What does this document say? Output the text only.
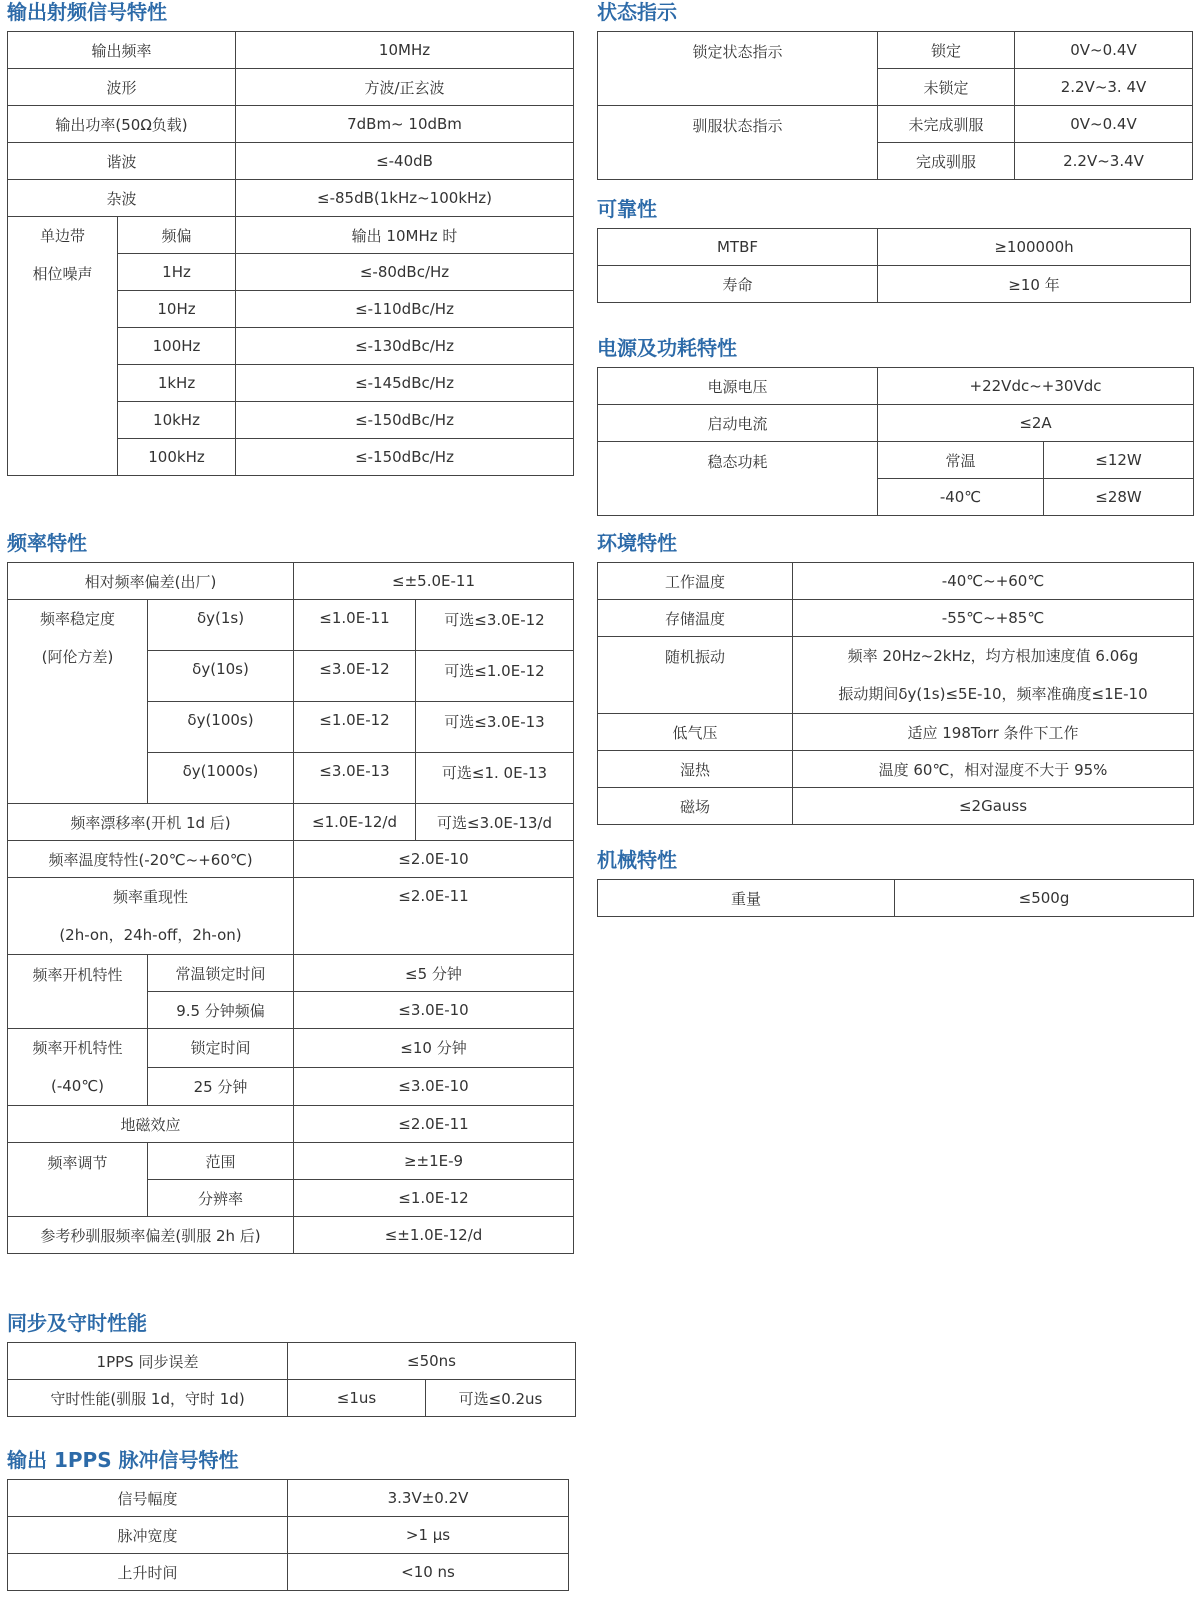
输出射频信号特性
输出频率		10MHz
波形		方波/正玄波
输出功率(50Ω负载)		7dBm~ 10dBm
谐波		≤-40dB
杂波		≤-85dB(1kHz~100kHz)
单边带
相位噪声	频偏	输出 10MHz 时
	1Hz	≤-80dBc/Hz
	10Hz	≤-110dBc/Hz
	100Hz	≤-130dBc/Hz
	1kHz	≤-145dBc/Hz
	10kHz	≤-150dBc/Hz
	100kHz	≤-150dBc/Hz
频率特性
相对频率偏差(出厂)		≤±5.0E-11	
频率稳定度
(阿伦方差)	δy(1s)	≤1.0E-11	可选≤3.0E-12
	δy(10s)	≤3.0E-12	可选≤1.0E-12
	δy(100s)	≤1.0E-12	可选≤3.0E-13
	δy(1000s)	≤3.0E-13	可选≤1. 0E-13
频率漂移率(开机 1d 后)		≤1.0E-12/d	可选≤3.0E-13/d
频率温度特性(-20℃~+60℃)		≤2.0E-10	
频率重现性
(2h-on，24h-off，2h-on)		≤2.0E-11	
频率开机特性	常温锁定时间	≤5 分钟	
	9.5 分钟频偏	≤3.0E-10	
频率开机特性
(-40℃)	锁定时间	≤10 分钟	
	25 分钟	≤3.0E-10	
地磁效应		≤2.0E-11	
频率调节	范围	≥±1E-9	
	分辨率	≤1.0E-12	
参考秒驯服频率偏差(驯服 2h 后)		≤±1.0E-12/d	
同步及守时性能
1PPS 同步误差	≤50ns	
守时性能(驯服 1d，守时 1d)	≤1us	可选≤0.2us
输出 1PPS 脉冲信号特性
信号幅度	3.3V±0.2V
脉冲宽度	>1 μs
上升时间	<10 ns
状态指示
锁定状态指示	锁定	0V~0.4V
	未锁定	2.2V~3. 4V
驯服状态指示	未完成驯服	0V~0.4V
	完成驯服	2.2V~3.4V
可靠性
MTBF	≥100000h
寿命	≥10 年
电源及功耗特性
电源电压	+22Vdc~+30Vdc	
启动电流	≤2A	
稳态功耗	常温	≤12W
	-40℃	≤28W
环境特性
工作温度	-40℃~+60℃
存储温度	-55℃~+85℃
随机振动	频率 20Hz~2kHz，均方根加速度值 6.06g
振动期间δy(1s)≤5E-10，频率准确度≤1E-10
低气压	适应 198Torr 条件下工作
湿热	温度 60℃，相对湿度不大于 95%
磁场	≤2Gauss
机械特性
重量	≤500g
